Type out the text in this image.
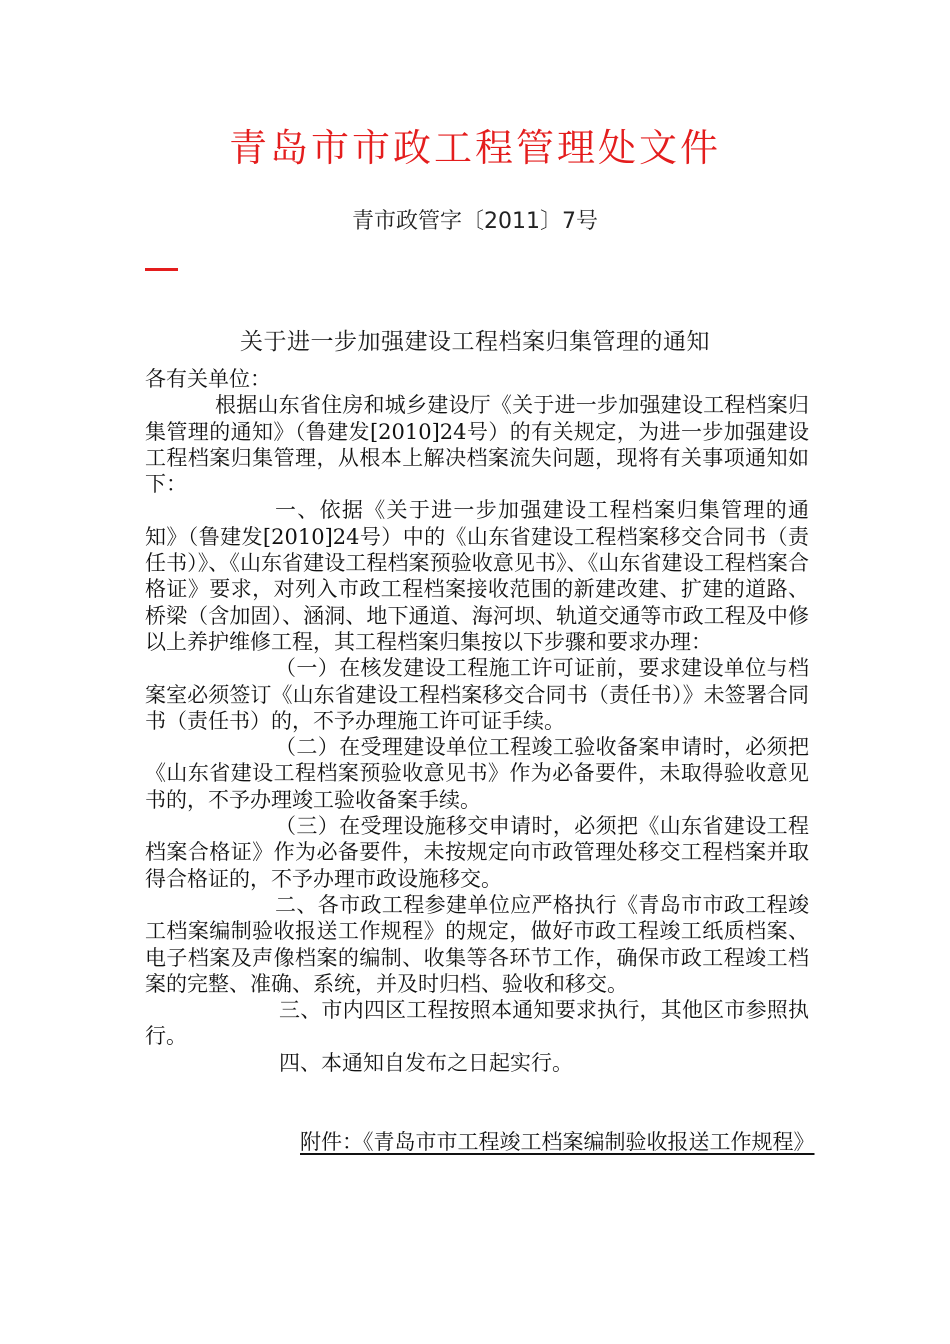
青岛市市政工程管理处文件
青市政管字〔2011〕7号
关于进一步加强建设工程档案归集管理的通知

各有关单位：

根据山东省住房和城乡建设厅《关于进一步加强建设工程档案归集管理的通知》（鲁建发[2010]24号）的有关规定，为进一步加强建设工程档案归集管理，从根本上解决档案流失问题，现将有关事项通知如下：

一、依据《关于进一步加强建设工程档案归集管理的通知》（鲁建发[2010]24号）中的《山东省建设工程档案移交合同书（责任书）》、《山东省建设工程档案预验收意见书》、《山东省建设工程档案合格证》要求，对列入市政工程档案接收范围的新建改建、扩建的道路、桥梁（含加固）、涵洞、地下通道、海河坝、轨道交通等市政工程及中修以上养护维修工程，其工程档案归集按以下步骤和要求办理：

（一）在核发建设工程施工许可证前，要求建设单位与档案室必须签订《山东省建设工程档案移交合同书（责任书）》未签署合同书（责任书）的，不予办理施工许可证手续。

（二）在受理建设单位工程竣工验收备案申请时，必须把《山东省建设工程档案预验收意见书》作为必备要件，未取得验收意见书的，不予办理竣工验收备案手续。

（三）在受理设施移交申请时，必须把《山东省建设工程档案合格证》作为必备要件，未按规定向市政管理处移交工程档案并取得合格证的，不予办理市政设施移交。

二、各市政工程参建单位应严格执行《青岛市市政工程竣工档案编制验收报送工作规程》的规定，做好市政工程竣工纸质档案、电子档案及声像档案的编制、收集等各环节工作，确保市政工程竣工档案的完整、准确、系统，并及时归档、验收和移交。

三、市内四区工程按照本通知要求执行，其他区市参照执行。

四、本通知自发布之日起实行。

附件：《青岛市市工程竣工档案编制验收报送工作规程》
